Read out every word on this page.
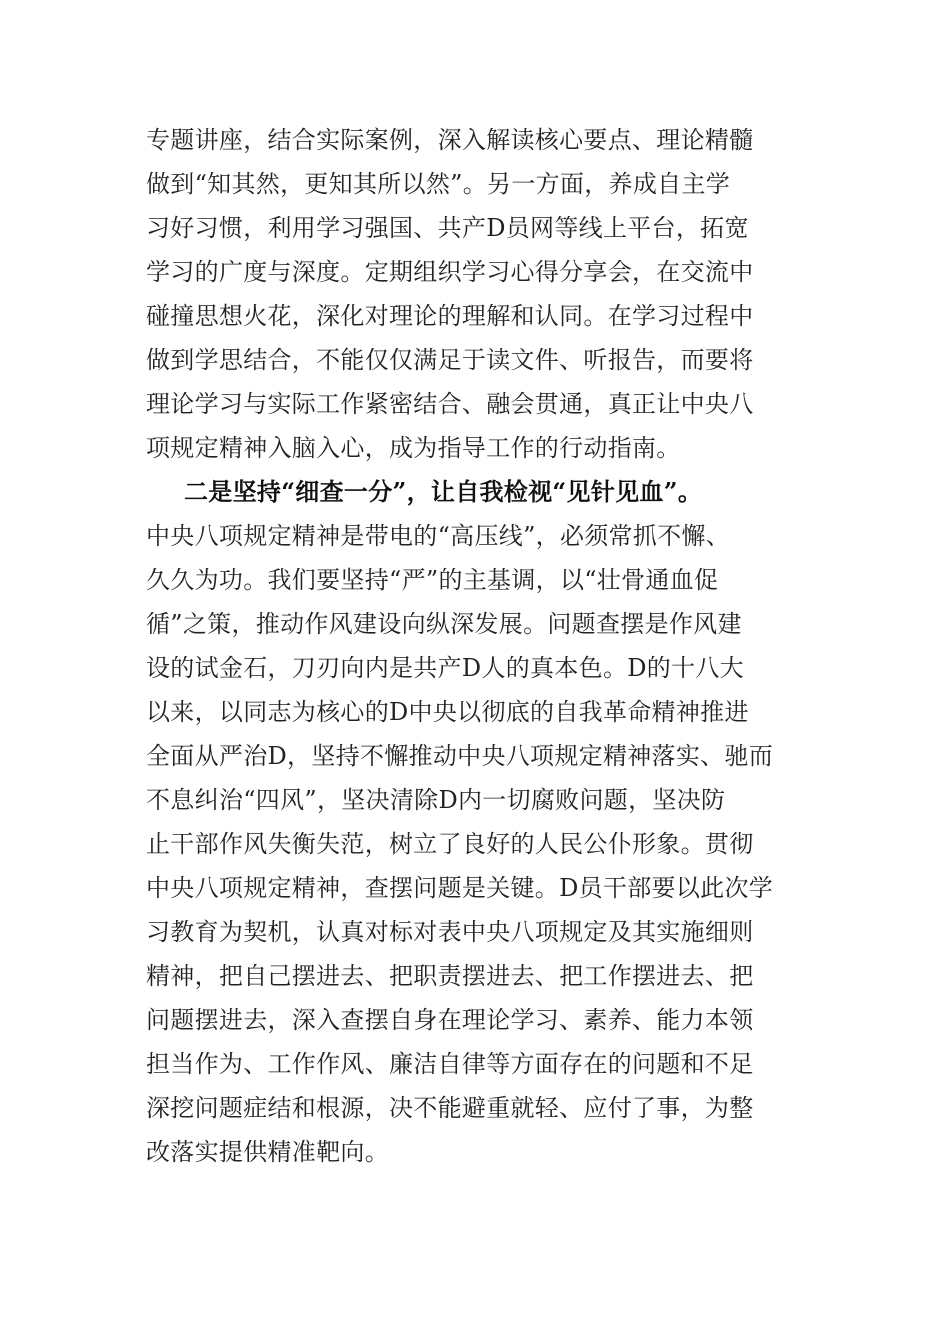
专题讲座，结合实际案例，深入解读核心要点、理论精髓
做到“知其然，更知其所以然”。另一方面，养成自主学
习好习惯，利用学习强国、共产D员网等线上平台，拓宽
学习的广度与深度。定期组织学习心得分享会，在交流中
碰撞思想火花，深化对理论的理解和认同。在学习过程中
做到学思结合，不能仅仅满足于读文件、听报告，而要将
理论学习与实际工作紧密结合、融会贯通，真正让中央八
项规定精神入脑入心，成为指导工作的行动指南。
二是坚持“细查一分”，让自我检视“见针见血”。
中央八项规定精神是带电的“高压线”，必须常抓不懈、
久久为功。我们要坚持“严”的主基调，以“壮骨通血促
循”之策，推动作风建设向纵深发展。问题查摆是作风建
设的试金石，刀刃向内是共产D人的真本色。D的十八大
以来，以同志为核心的D中央以彻底的自我革命精神推进
全面从严治D，坚持不懈推动中央八项规定精神落实、驰而
不息纠治“四风”，坚决清除D内一切腐败问题，坚决防
止干部作风失衡失范，树立了良好的人民公仆形象。贯彻
中央八项规定精神，查摆问题是关键。D员干部要以此次学
习教育为契机，认真对标对表中央八项规定及其实施细则
精神，把自己摆进去、把职责摆进去、把工作摆进去、把
问题摆进去，深入查摆自身在理论学习、素养、能力本领
担当作为、工作作风、廉洁自律等方面存在的问题和不足
深挖问题症结和根源，决不能避重就轻、应付了事，为整
改落实提供精准靶向。
